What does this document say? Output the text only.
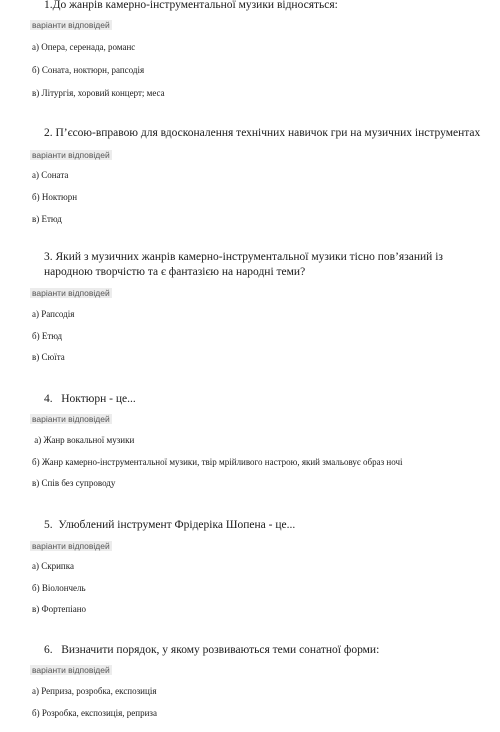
1.До жанрів камерно-інструментальної музики відносяться:

варіанти відповідей
а) Опера, серенада, романс
б) Соната, ноктюрн, рапсодія
в) Літургія, хоровий концерт; меса

2. П’єсою-вправою для вдосконалення технічних навичок гри на музичних інструментах

варіанти відповідей
а) Соната
б) Ноктюрн
в) Етюд

3. Який з музичних жанрів камерно-інструментальної музики тісно пов’язаний із

народною творчістю та є фантазією на народні теми?

варіанти відповідей
а) Рапсодія
б) Етюд
в) Сюїта

4.   Ноктюрн - це...

варіанти відповідей
а) Жанр вокальної музики
б) Жанр камерно-інструментальної музики, твір мрійливого настрою, який змальовує образ ночі
в) Спів без супроводу

5.  Улюблений інструмент Фрідеріка Шопена - це...

варіанти відповідей
а) Скрипка
б) Віолончель
в) Фортепіано

6.   Визначити порядок, у якому розвиваються теми сонатної форми:

варіанти відповідей
а) Реприза, розробка, експозиція
б) Розробка, експозиція, реприза
